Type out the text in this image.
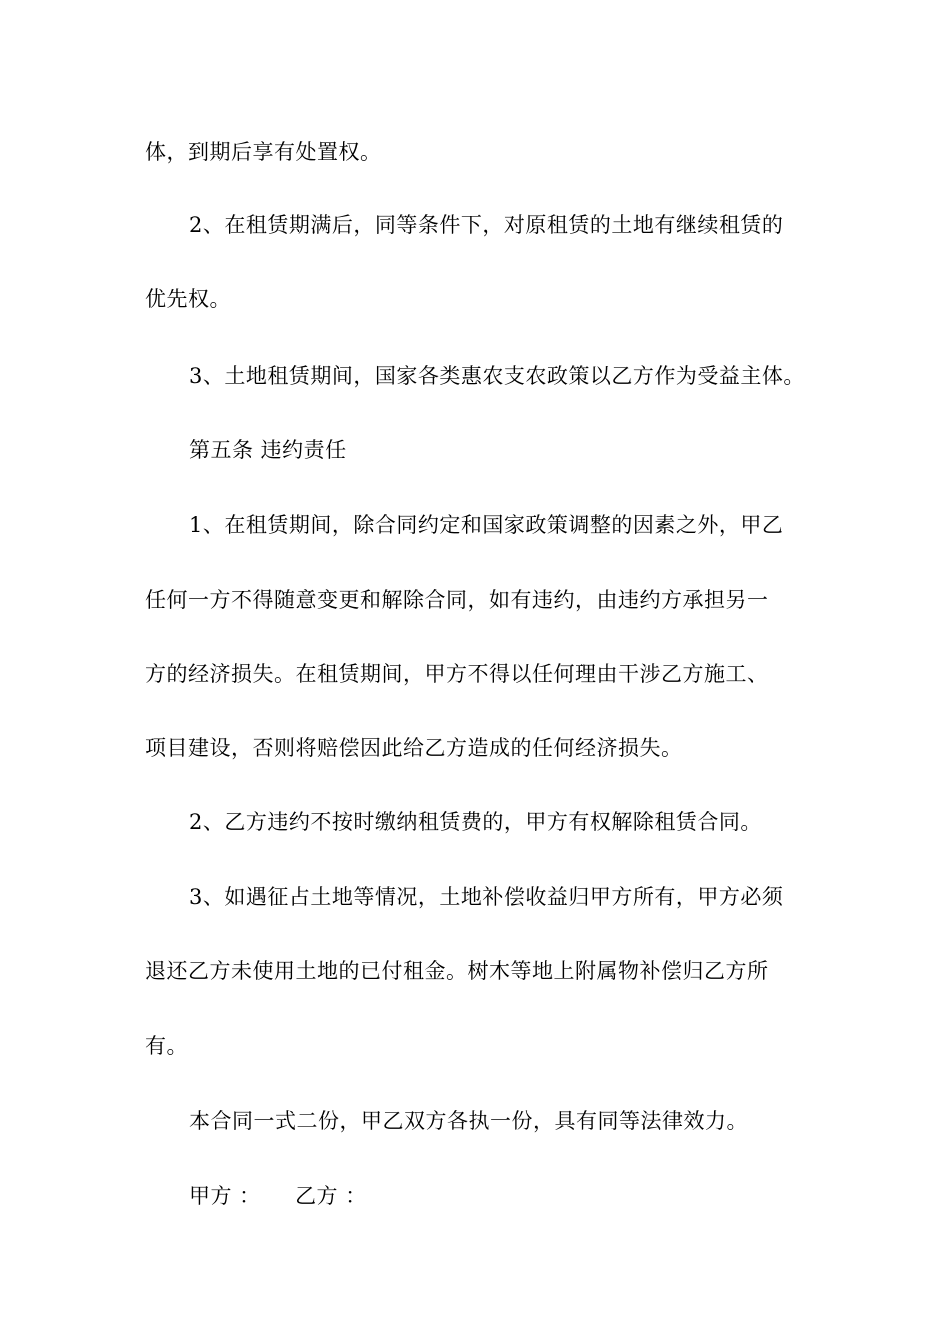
体，到期后享有处置权。
2、在租赁期满后，同等条件下，对原租赁的土地有继续租赁的
优先权。
3、土地租赁期间，国家各类惠农支农政策以乙方作为受益主体。
第五条 违约责任
1、在租赁期间，除合同约定和国家政策调整的因素之外，甲乙
任何一方不得随意变更和解除合同，如有违约，由违约方承担另一
方的经济损失。在租赁期间，甲方不得以任何理由干涉乙方施工、
项目建设，否则将赔偿因此给乙方造成的任何经济损失。
2、乙方违约不按时缴纳租赁费的，甲方有权解除租赁合同。
3、如遇征占土地等情况，土地补偿收益归甲方所有，甲方必须
退还乙方未使用土地的已付租金。树木等地上附属物补偿归乙方所
有。
本合同一式二份，甲乙双方各执一份，具有同等法律效力。
甲方 ： 乙方 ：
